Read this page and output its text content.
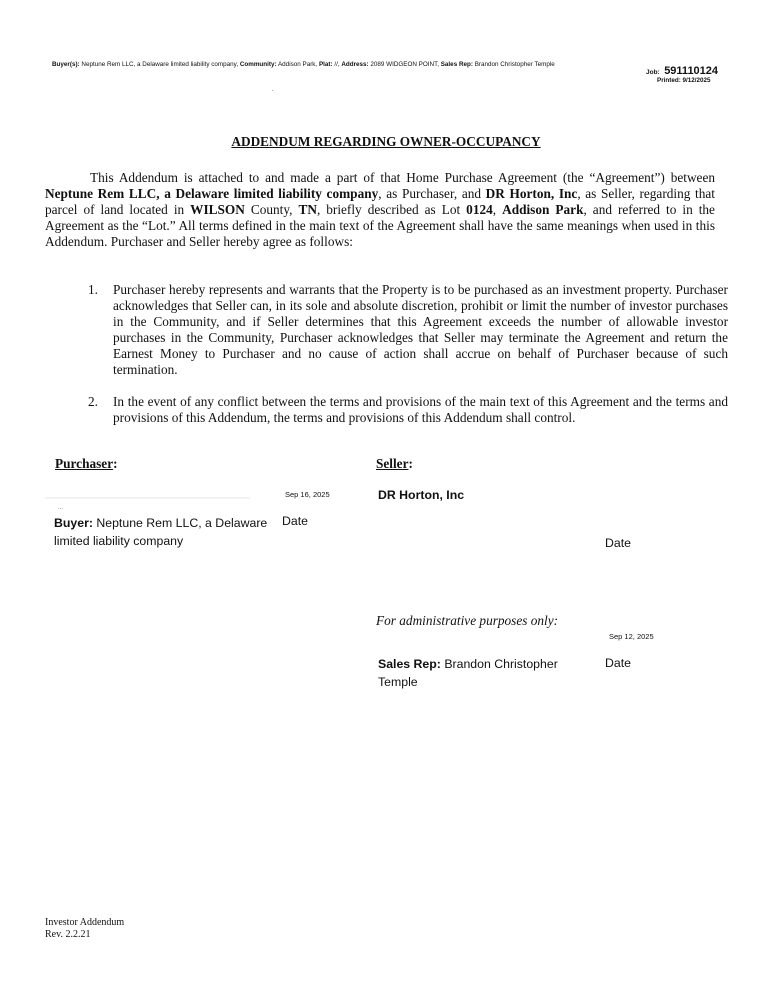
Buyer(s): Neptune Rem LLC, a Delaware limited liability company, Community: Addison Park, Plat: //, Address: 2089 WIDGEON POINT, Sales Rep: Brandon Christopher Temple
Job: 591110124
Printed: 9/12/2025
.
ADDENDUM REGARDING OWNER-OCCUPANCY
This Addendum is attached to and made a part of that Home Purchase Agreement (the “Agreement”) between Neptune Rem LLC, a Delaware limited liability company, as Purchaser, and DR Horton, Inc, as Seller, regarding that parcel of land located in WILSON County, TN, briefly described as Lot 0124, Addison Park, and referred to in the Agreement as the “Lot.” All terms defined in the main text of the Agreement shall have the same meanings when used in this Addendum. Purchaser and Seller hereby agree as follows:
1.	Purchaser hereby represents and warrants that the Property is to be purchased as an investment property. Purchaser acknowledges that Seller can, in its sole and absolute discretion, prohibit or limit the number of investor purchases in the Community, and if Seller determines that this Agreement exceeds the number of allowable investor purchases in the Community, Purchaser acknowledges that Seller may terminate the Agreement and return the Earnest Money to Purchaser and no cause of action shall accrue on behalf of Purchaser because of such termination.
2.	In the event of any conflict between the terms and provisions of the main text of this Agreement and the terms and provisions of this Addendum, the terms and provisions of this Addendum shall control.
Purchaser:	Seller:
Sep 16, 2025
...
Buyer: Neptune Rem LLC, a Delaware limited liability company
Date
DR Horton, Inc
Date
For administrative purposes only:
Sep 12, 2025
Sales Rep: Brandon Christopher Temple
Date
Investor Addendum
Rev. 2.2.21
